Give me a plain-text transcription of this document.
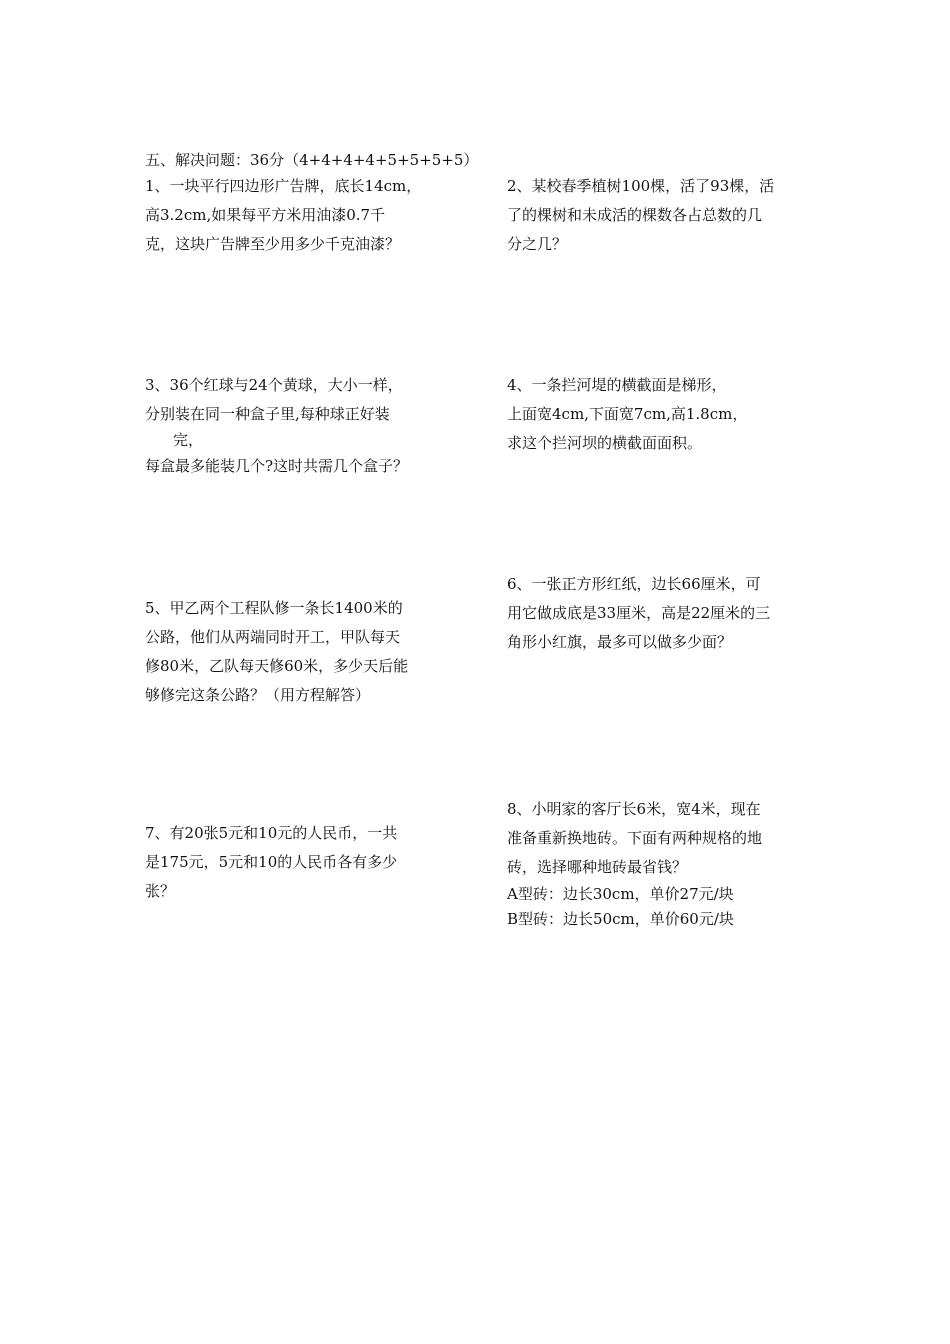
五、解决问题：36分（4+4+4+4+5+5+5+5）
1、一块平行四边形广告牌，底长14cm，
高3.2cm,如果每平方米用油漆0.7千
克，这块广告牌至少用多少千克油漆？
2、某校春季植树100棵，活了93棵，活
了的棵树和未成活的棵数各占总数的几
分之几？
3、36个红球与24个黄球，大小一样，
分别装在同一种盒子里,每种球正好装
完，
每盒最多能装几个?这时共需几个盒子？
4、一条拦河堤的横截面是梯形，
上面宽4cm,下面宽7cm,高1.8cm，
求这个拦河坝的横截面面积。
5、甲乙两个工程队修一条长1400米的
公路，他们从两端同时开工，甲队每天
修80米，乙队每天修60米，多少天后能
够修完这条公路？（用方程解答）
6、一张正方形红纸，边长66厘米，可
用它做成底是33厘米，高是22厘米的三
角形小红旗，最多可以做多少面？
7、有20张5元和10元的人民币，一共
是175元，5元和10的人民币各有多少
张？
8、小明家的客厅长6米，宽4米，现在
准备重新换地砖。下面有两种规格的地
砖，选择哪种地砖最省钱？
A型砖：边长30cm，单价27元/块
B型砖：边长50cm，单价60元/块
